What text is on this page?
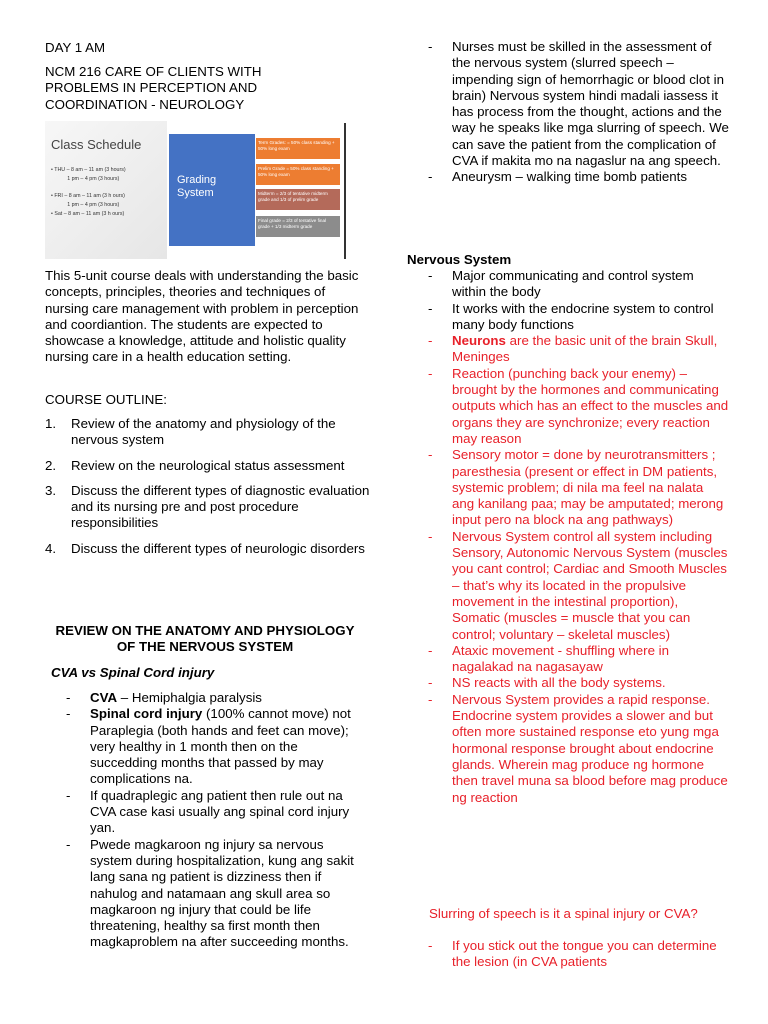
DAY 1 AM

NCM 216 CARE OF CLIENTS WITH
PROBLEMS IN PERCEPTION AND
COORDINATION - NEUROLOGY
Class Schedule
• THU – 8 am – 11 am (3 hours)
1 pm – 4 pm (3 hours)
• FRI – 8 am – 11 am (3 h ours)
1 pm – 4 pm (3 hours)
• Sat – 8 am – 11 am (3 h ours)
Grading System
Term Grades: = 50% class standing + 50% long exam
Prelim Grade = 50% class standing + 50% long exam
Midterm = 2/3 of tentative midterm grade and 1/3 of prelim grade
Final grade = 2/3 of tentative final grade + 1/3 midterm grade

This 5-unit course deals with understanding the basic concepts, principles, theories and techniques of nursing care management with problem in perception and coordiantion. The students are expected to showcase a knowledge, attitude and holistic quality nursing care in a health education setting.

COURSE OUTLINE:

1. Review of the anatomy and physiology of the nervous system
2. Review on the neurological status assessment
3. Discuss the different types of diagnostic evaluation and its nursing pre and post procedure responsibilities
4. Discuss the different types of neurologic disorders

REVIEW ON THE ANATOMY AND PHYSIOLOGY OF THE NERVOUS SYSTEM

CVA vs Spinal Cord injury

- CVA – Hemiphalgia paralysis
- Spinal cord injury (100% cannot move) not Paraplegia (both hands and feet can move); very healthy in 1 month then on the succedding months that passed by may complications na.
- If quadraplegic ang patient then rule out na CVA case kasi usually ang spinal cord injury yan.
- Pwede magkaroon ng injury sa nervous system during hospitalization, kung ang sakit lang sana ng patient is dizziness then if nahulog and natamaan ang skull area so magkaroon ng injury that could be life threatening, healthy sa first month then magkaproblem na after succeeding months.
- Nurses must be skilled in the assessment of the nervous system (slurred speech – impending sign of hemorrhagic or blood clot in brain) Nervous system hindi madali iassess it has process from the thought, actions and the way he speaks like mga slurring of speech. We can save the patient from the complication of CVA if makita mo na nagaslur na ang speech.
- Aneurysm – walking time bomb patients

Nervous System

- Major communicating and control system within the body
- It works with the endocrine system to control many body functions
- Neurons are the basic unit of the brain Skull, Meninges
- Reaction (punching back your enemy) – brought by the hormones and communicating outputs which has an effect to the muscles and organs they are synchronize; every reaction may reason
- Sensory motor = done by neurotransmitters ; paresthesia (present or effect in DM patients, systemic problem; di nila ma feel na nalata ang kanilang paa; may be amputated; merong input pero na block na ang pathways)
- Nervous System control all system including Sensory, Autonomic Nervous System (muscles you cant control; Cardiac and Smooth Muscles – that’s why its located in the propulsive movement in the intestinal proportion), Somatic (muscles = muscle that you can control; voluntary – skeletal muscles)
- Ataxic movement - shuffling where in nagalakad na nagasayaw
- NS reacts with all the body systems.
- Nervous System provides a rapid response. Endocrine system provides a slower and but often more sustained response eto yung mga hormonal response brought about endocrine glands. Wherein mag produce ng hormone then travel muna sa blood before mag produce ng reaction

Slurring of speech is it a spinal injury or CVA?

- If you stick out the tongue you can determine the lesion (in CVA patients
